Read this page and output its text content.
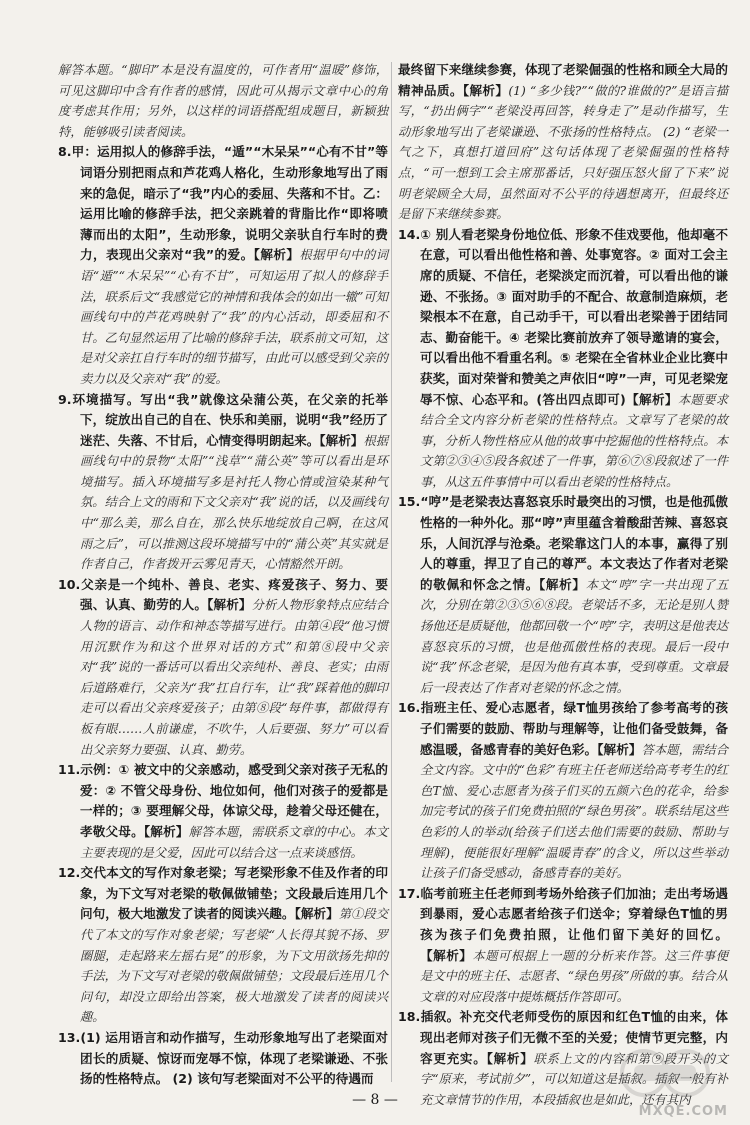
解答本题。“脚印”本是没有温度的，可作者用“温暖”修饰，可见这脚印中含有作者的感情，因此可从揭示文章中心的角度考虑其作用；另外，以这样的词语搭配组成题目，新颖独特，能够吸引读者阅读。

8.甲：运用拟人的修辞手法，“遁”“木呆呆”“心有不甘”等词语分别把雨点和芦花鸡人格化，生动形象地写出了雨来的急促，暗示了“我”内心的委屈、失落和不甘。乙：运用比喻的修辞手法，把父亲跳着的背脂比作“即将喷薄而出的太阳”，生动形象，说明父亲驮自行车时的费力，表现出父亲对“我”的爱。【解析】根据甲句中的词语“遁”“木呆呆”“心有不甘”，可知运用了拟人的修辞手法，联系后文“我感觉它的神情和我体会的如出一辙”可知画线句中的芦花鸡映射了“我”的内心活动，即委屈和不甘。乙句显然运用了比喻的修辞手法，联系前文可知，这是对父亲扛自行车时的细节描写，由此可以感受到父亲的卖力以及父亲对“我”的爱。

9.环境描写。写出“我”就像这朵蒲公英，在父亲的托举下，绽放出自己的自在、快乐和美丽，说明“我”经历了迷茫、失落、不甘后，心情变得明朗起来。【解析】根据画线句中的景物“太阳”“浅草”“蒲公英”等可以看出是环境描写。插入环境描写多是衬托人物心情或渲染某种气氛。结合上文的雨和下文父亲对“我”说的话，以及画线句中“那么美，那么自在，那么快乐地绽放自己啊，在这风雨之后”，可以推测这段环境描写中的“蒲公英”其实就是作者自己，作者拨开云雾见青天，心情豁然开朗。

10.父亲是一个纯朴、善良、老实、疼爱孩子、努力、要强、认真、勤劳的人。【解析】分析人物形象特点应结合人物的语言、动作和神态等描写进行。由第④段“他习惯用沉默作为和这个世界对话的方式”和第⑧段中父亲对“我”说的一番话可以看出父亲纯朴、善良、老实；由雨后道路难行，父亲为“我”扛自行车，让“我”踩着他的脚印走可以看出父亲疼爱孩子；由第⑧段“每件事，都做得有板有眼……人前谦虚，不吹牛，人后要强、努力”可以看出父亲努力要强、认真、勤劳。

11.示例：① 被文中的父亲感动，感受到父亲对孩子无私的爱：② 不管父母身份、地位如何，他们对孩子的爱都是一样的；③ 要理解父母，体谅父母，趁着父母还健在，孝敬父母。【解析】解答本题，需联系文章的中心。本文主要表现的是父爱，因此可以结合这一点来谈感悟。

12.交代本文的写作对象老梁；写老梁形象不佳及作者的印象，为下文写对老梁的敬佩做铺垫；文段最后连用几个问句，极大地激发了读者的阅读兴趣。【解析】第①段交代了本文的写作对象老梁；写老梁“人长得其貌不扬、罗圈腿，走起路来左摇右晃”的形象，为下文用欲扬先抑的手法，为下文写对老梁的敬佩做铺垫；文段最后连用几个问句，却没立即给出答案，极大地激发了读者的阅读兴趣。

13.(1) 运用语言和动作描写，生动形象地写出了老梁面对团长的质疑、惊讶而宠辱不惊，体现了老梁谦逊、不张扬的性格特点。 (2) 该句写老梁面对不公平的待遇而

最终留下来继续参赛，体现了老梁倔强的性格和顾全大局的精神品质。【解析】(1) “多少钱?”“做的?谁做的?”是语言描写，“扔出俩字”“老梁没再回答，转身走了”是动作描写，生动形象地写出了老梁谦逊、不张扬的性格特点。 (2) “老梁一气之下，真想打道回府”这句话体现了老梁倔强的性格特点，“可一想到工会主席那番话，只好强压怒火留了下来”说明老梁顾全大局，虽然面对不公平的待遇想离开，但最终还是留下来继续参赛。

14.① 别人看老梁身份地位低、形象不佳戏要他，他却毫不在意，可以看出他性格和善、处事宽容。② 面对工会主席的质疑、不信任，老梁淡定而沉着，可以看出他的谦逊、不张扬。③ 面对助手的不配合、故意制造麻烦，老梁根本不在意，自己动手干，可以看出老梁善于团结同志、勤奋能干。④ 老梁比赛前放弃了领导邀请的宴会，可以看出他不看重名利。⑤ 老梁在全省林业企业比赛中获奖，面对荣誉和赞美之声依旧“哼”一声，可见老梁宠辱不惊、心态平和。(答出四点即可)【解析】本题要求结合全文内容分析老梁的性格特点。文章写了老梁的故事，分析人物性格应从他的故事中挖掘他的性格特点。本文第②③④⑤段各叙述了一件事，第⑥⑦⑧段叙述了一件事，从这五件事情中可以看出老梁的性格特点。

15.“哼”是老梁表达喜怒哀乐时最突出的习惯，也是他孤傲性格的一种外化。那“哼”声里蕴含着酸甜苦辣、喜怒哀乐，人间沉浮与沧桑。老梁靠这门人的本事，赢得了别人的尊重，捍卫了自己的尊严。本文表达了作者对老梁的敬佩和怀念之情。【解析】本文“哼”字一共出现了五次，分别在第②③⑤⑥⑧段。老梁话不多，无论是别人赞扬他还是质疑他，他都回敬一个“哼”字，表明这是他表达喜怒哀乐的习惯，也是他孤傲性格的表现。最后一段中说“我”怀念老梁，是因为他有真本事，受到尊重。文章最后一段表达了作者对老梁的怀念之情。

16.指班主任、爱心志愿者，绿T恤男孩给了参考高考的孩子们需要的鼓励、帮助与理解等，让他们备受鼓舞，备感温暖，备感青春的美好色彩。【解析】答本题，需结合全文内容。文中的“色彩”有班主任老师送给高考考生的红色T恤、爱心志愿者为孩子们买的五颜六色的花伞，给参加完考试的孩子们免费拍照的“绿色男孩”。联系结尾这些色彩的人的举动(给孩子们送去他们需要的鼓励、帮助与理解)，便能很好理解“温暖青春”的含义，所以这些举动让孩子们备受感动，备感青春的美好。

17.临考前班主任老师到考场外给孩子们加油；走出考场遇到暴雨，爱心志愿者给孩子们送伞；穿着绿色T恤的男孩为孩子们免费拍照，让他们留下美好的回忆。【解析】本题可根据上一题的分析来作答。这三件事便是文中的班主任、志愿者、“绿色男孩”所做的事。结合从文章的对应段落中提炼概括作答即可。

18.插叙。补充交代老师受伤的原因和红色T恤的由来，体现出老师对孩子们无微不至的关爱；使情节更完整，内容更充实。【解析】联系上文的内容和第⑨段开头的文字“原来，考试前夕”，可以知道这是插叙。插叙一般有补充文章情节的作用，本段插叙也是如此，还有其内

— 8 —
MXQE.COM
